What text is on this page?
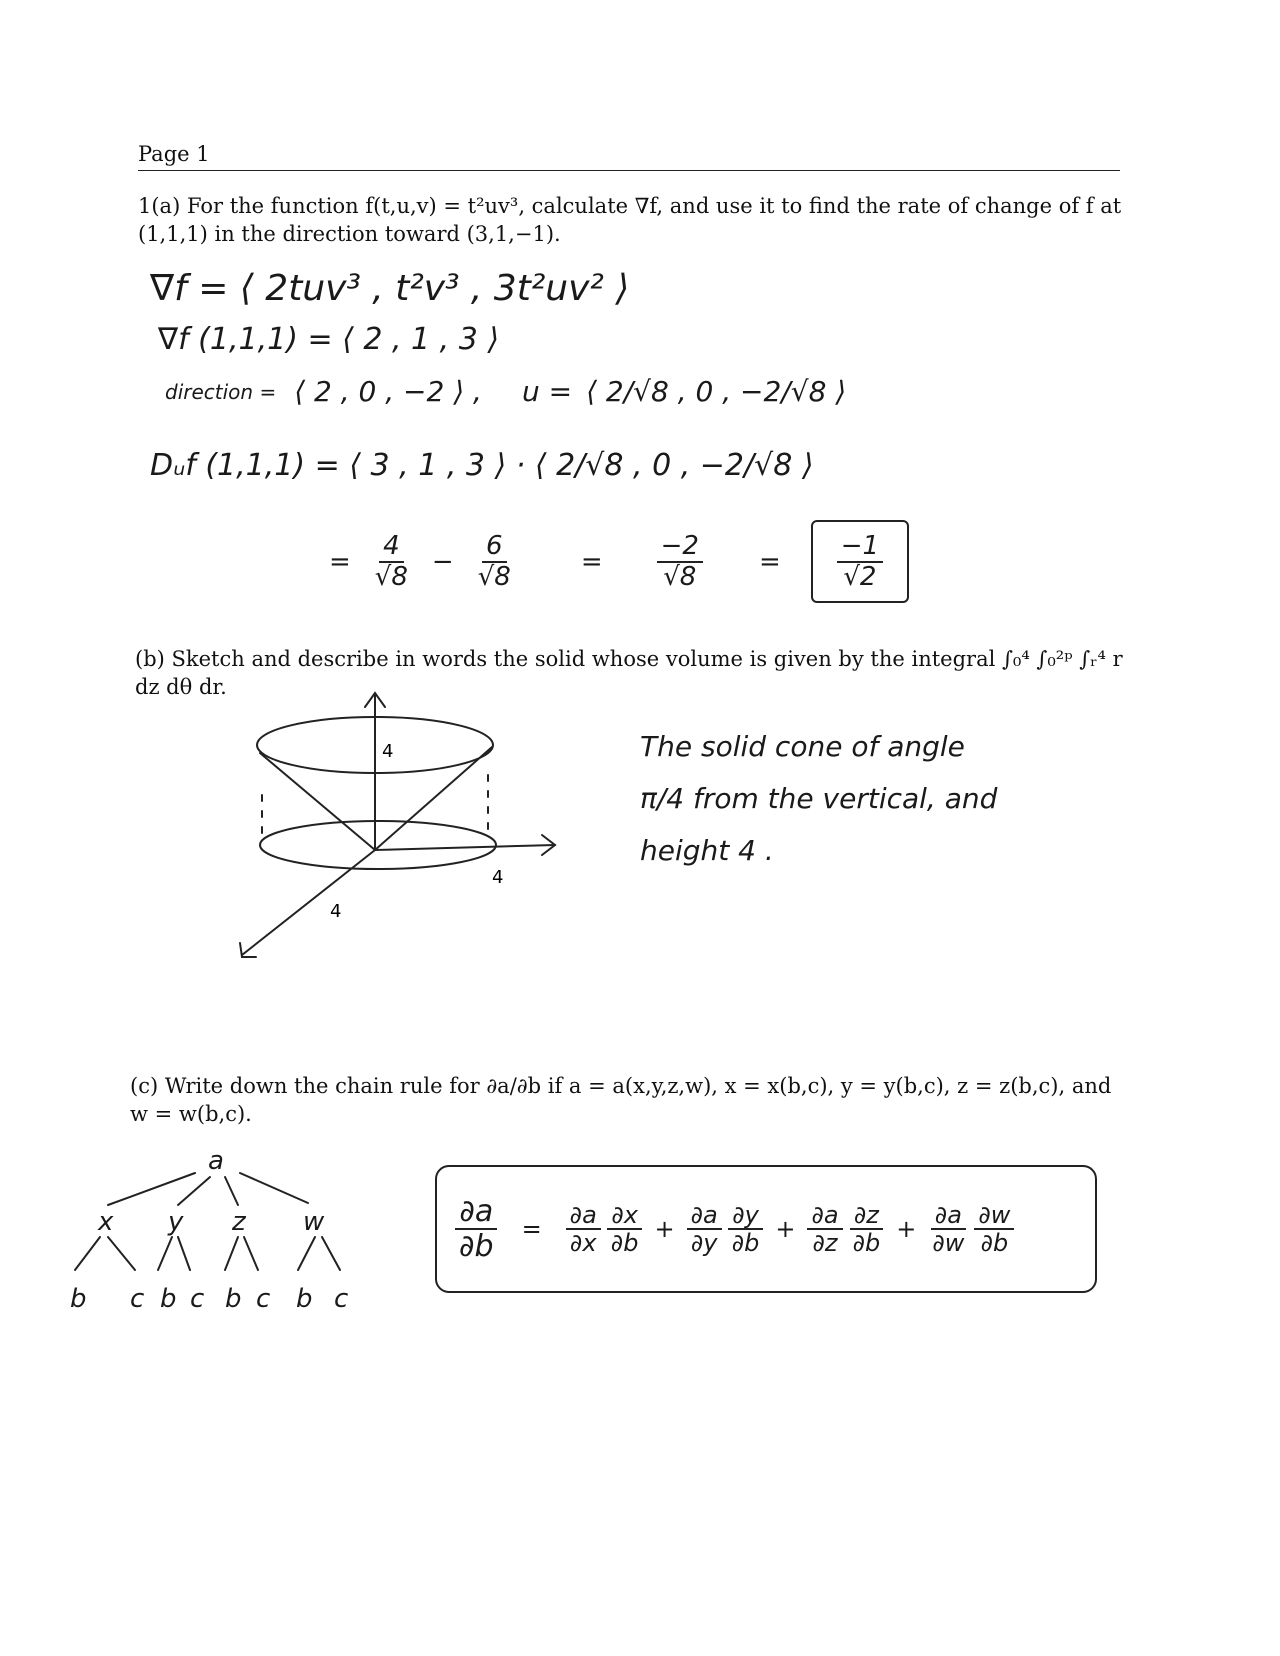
Page 1
1(a) For the function f(t,u,v) = t²uv³, calculate ∇f, and use it to find the rate of change of f at
(1,1,1) in the direction toward (3,1,−1).
∇f = ⟨ 2tuv³ , t²v³ , 3t²uv² ⟩
∇f (1,1,1) = ⟨ 2 , 1 , 3 ⟩
direction = ⟨ 2 , 0 , −2 ⟩ , u = ⟨ 2/√8 , 0 , −2/√8 ⟩
Dᵤf (1,1,1) = ⟨ 3 , 1 , 3 ⟩ · ⟨ 2/√8 , 0 , −2/√8 ⟩
= $\frac{4}{√8} - \frac{6}{√8}$	= $\frac{-2}{√8} = \frac{-1}{√2}$
(b) Sketch and describe in words the solid whose volume is given by the integral ∫₀⁴ ∫₀²ᵖ ∫ᵣ⁴ r dz dθ dr.
4
4
4
The solid cone of angle
π/4 from the vertical, and
height 4 .
(c) Write down the chain rule for ∂a/∂b if a = a(x,y,z,w), x = x(b,c), y = y(b,c), z = z(b,c), and
w = w(b,c).
a
x y z w
b c b c b c b c
$\frac{\partial a}{\partial b} = \frac{\partial a}{\partial x} \frac{\partial x}{\partial b} + \frac{\partial a}{\partial y} \frac{\partial y}{\partial b} + \frac{\partial a}{\partial z} \frac{\partial z}{\partial b} + \frac{\partial a}{\partial w} \frac{\partial w}{\partial b}$
